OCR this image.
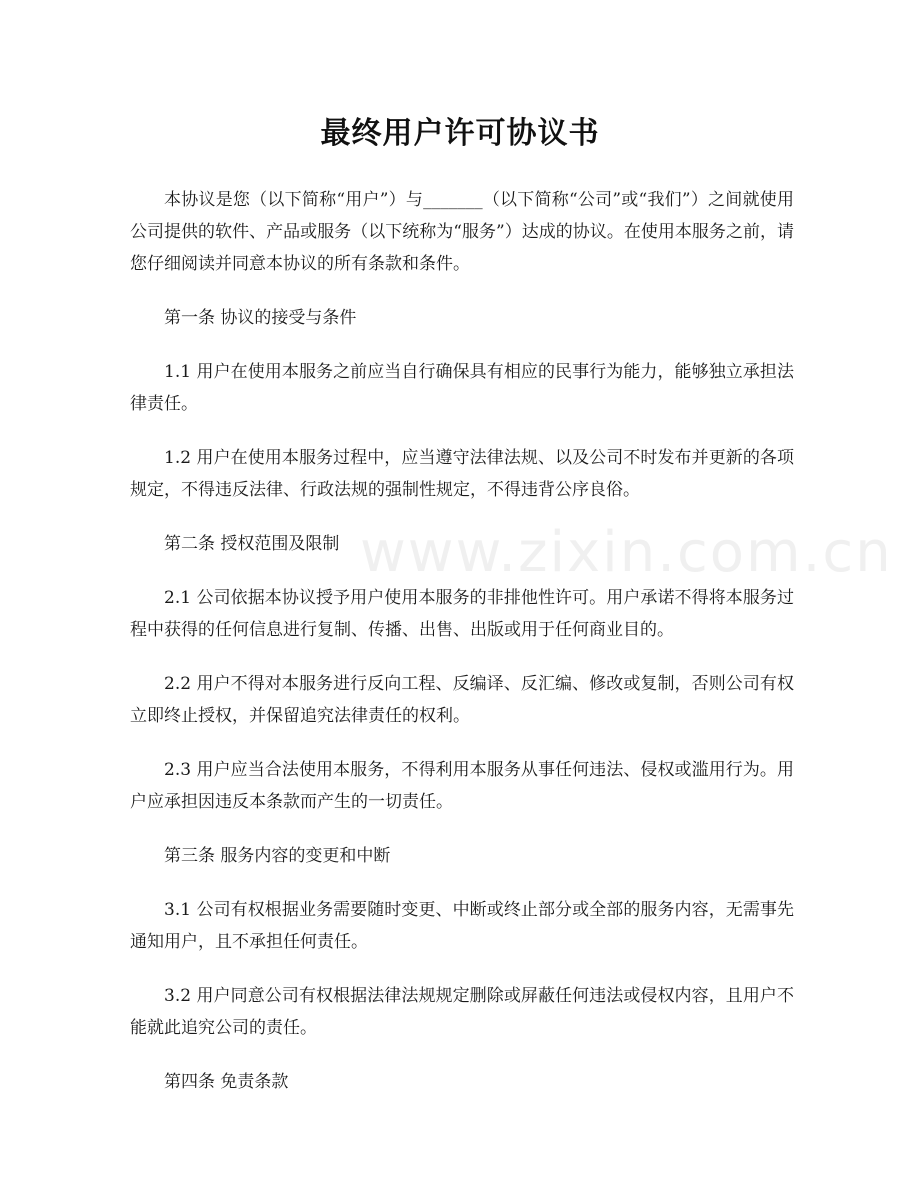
www.zixin.com.cn
最终用户许可协议书

本协议是您（以下简称“用户”）与_______（以下简称“公司”或“我们”）之间就使用公司提供的软件、产品或服务（以下统称为“服务”）达成的协议。在使用本服务之前，请您仔细阅读并同意本协议的所有条款和条件。

第一条 协议的接受与条件

1.1 用户在使用本服务之前应当自行确保具有相应的民事行为能力，能够独立承担法律责任。

1.2 用户在使用本服务过程中，应当遵守法律法规、以及公司不时发布并更新的各项规定，不得违反法律、行政法规的强制性规定，不得违背公序良俗。

第二条 授权范围及限制

2.1 公司依据本协议授予用户使用本服务的非排他性许可。用户承诺不得将本服务过程中获得的任何信息进行复制、传播、出售、出版或用于任何商业目的。

2.2 用户不得对本服务进行反向工程、反编译、反汇编、修改或复制，否则公司有权立即终止授权，并保留追究法律责任的权利。

2.3 用户应当合法使用本服务，不得利用本服务从事任何违法、侵权或滥用行为。用户应承担因违反本条款而产生的一切责任。

第三条 服务内容的变更和中断

3.1 公司有权根据业务需要随时变更、中断或终止部分或全部的服务内容，无需事先通知用户，且不承担任何责任。

3.2 用户同意公司有权根据法律法规规定删除或屏蔽任何违法或侵权内容，且用户不能就此追究公司的责任。

第四条 免责条款
